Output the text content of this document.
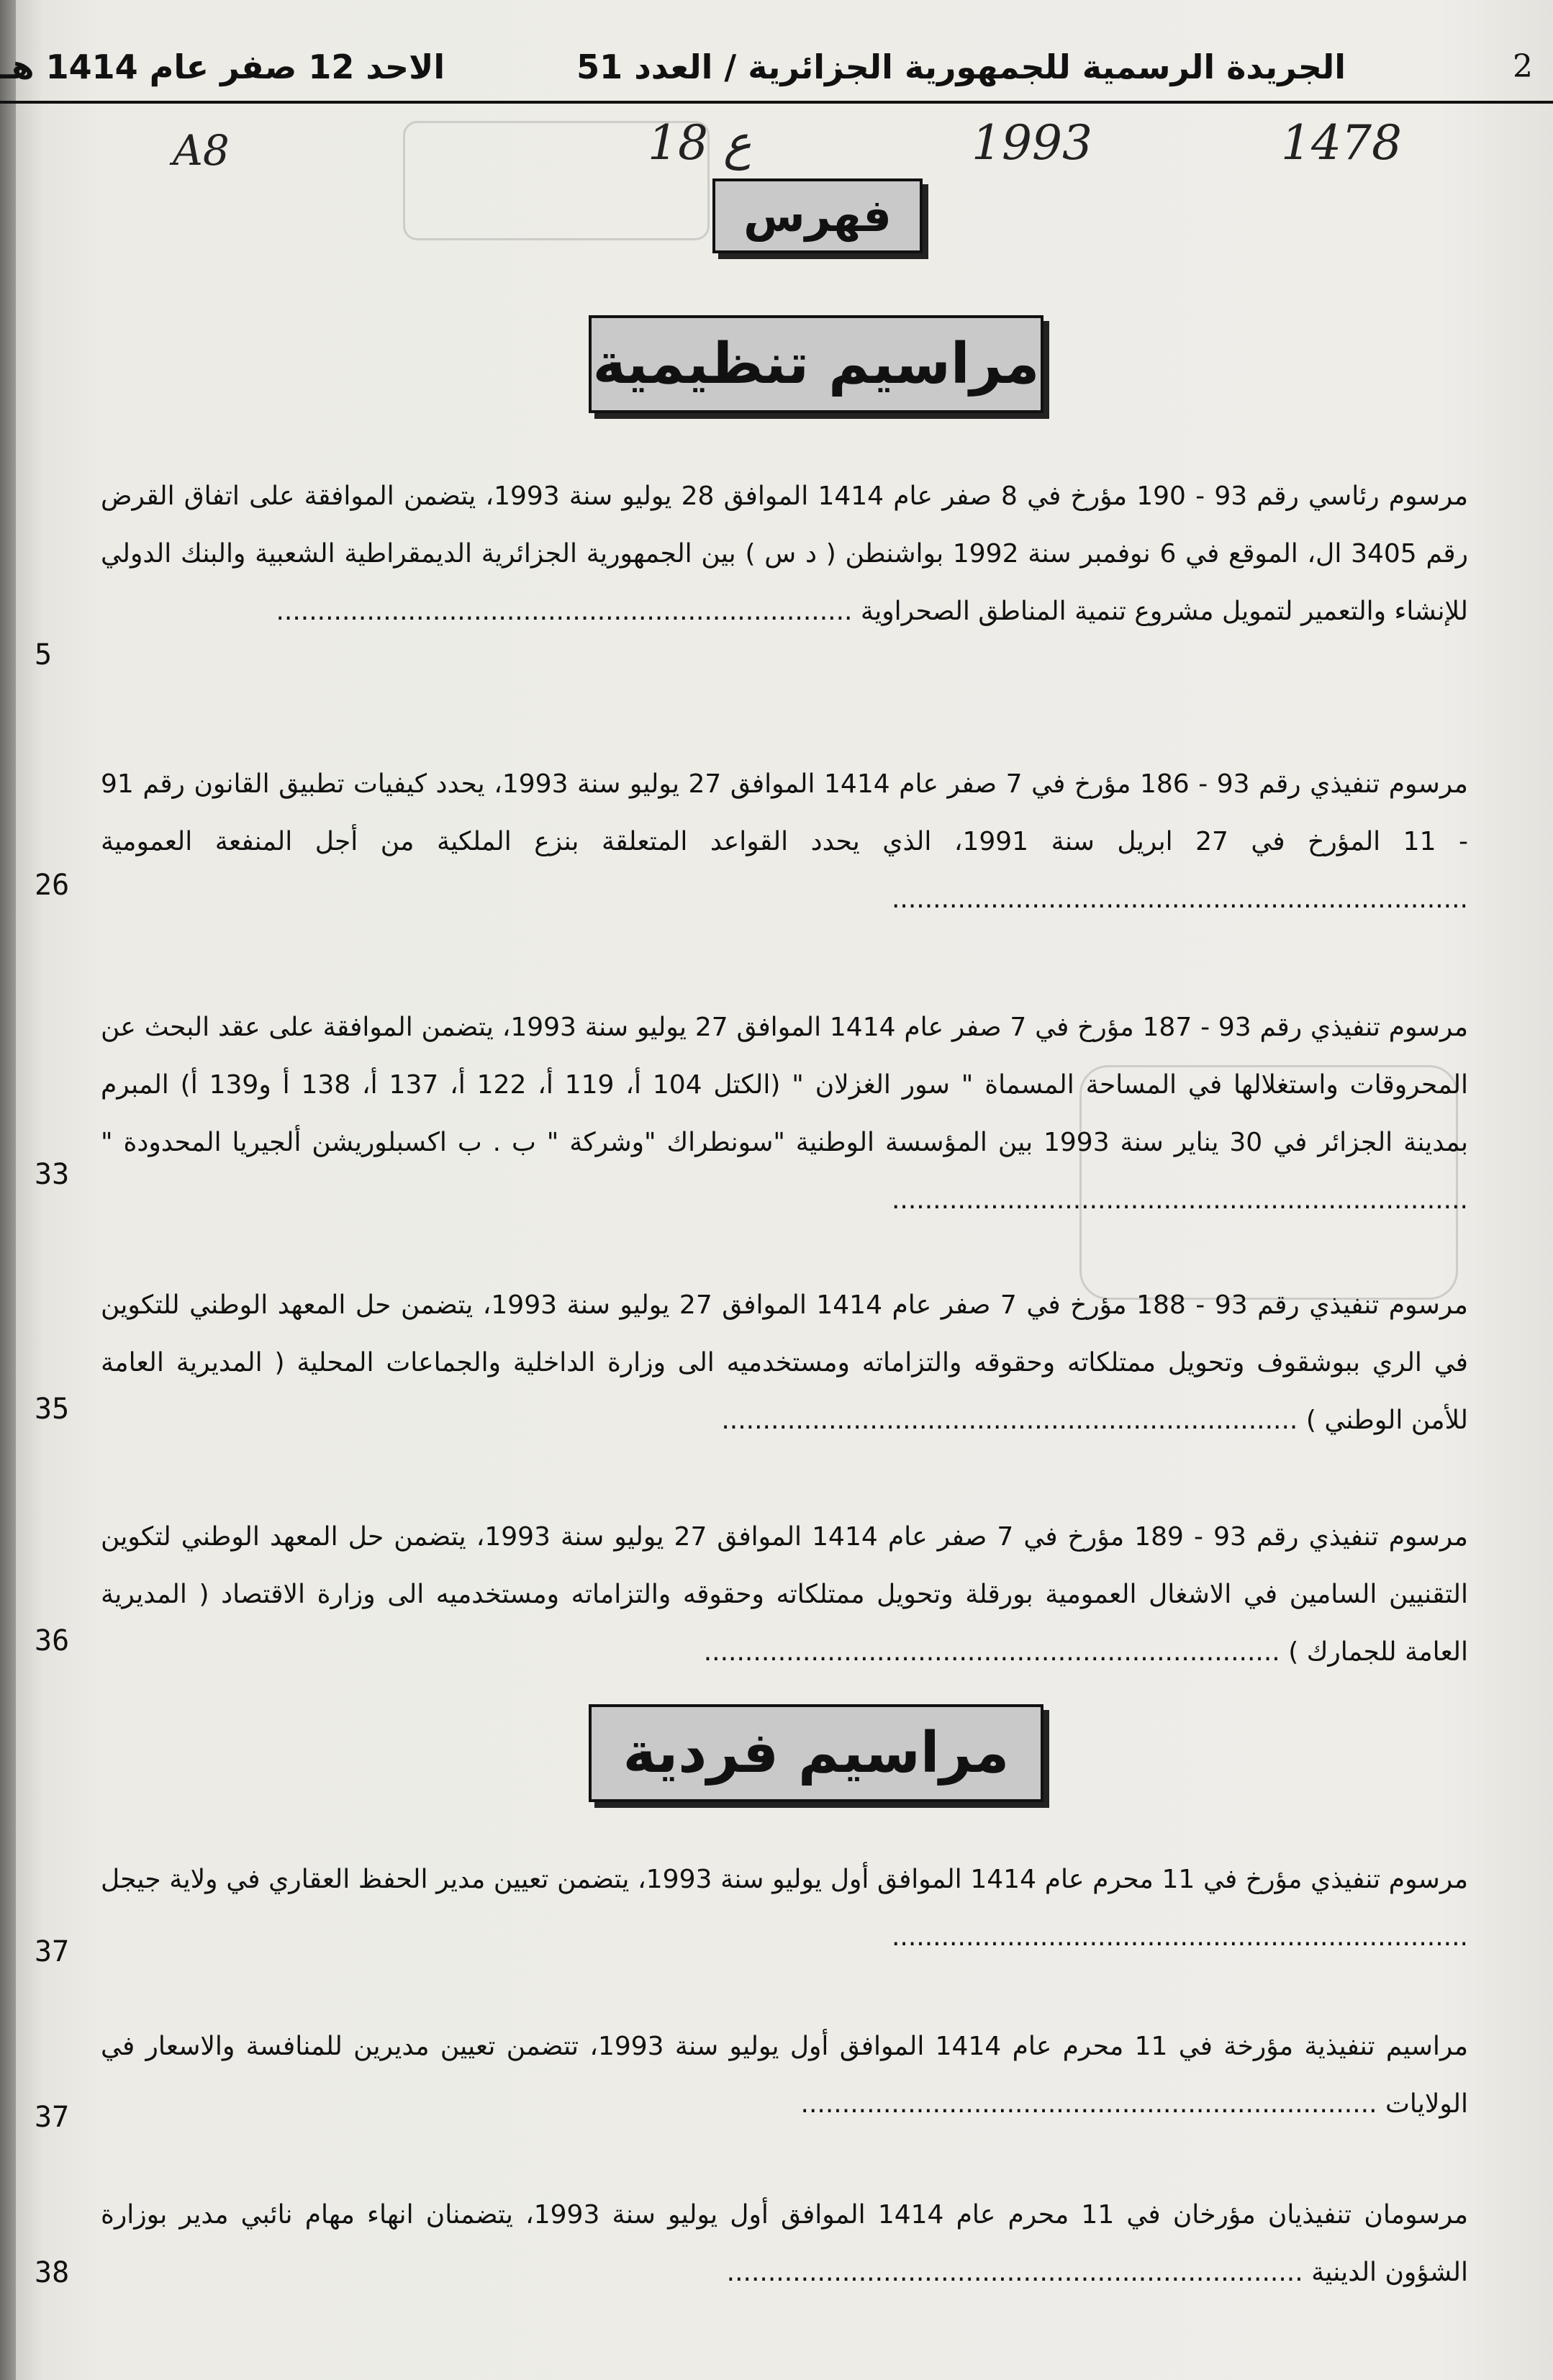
2
الجريدة الرسمية للجمهورية الجزائرية / العدد 51
الاحد 12 صفر عام 1414 هـ
18 ع	1993	1478
A8
فهرس
مراسيم تنظيمية
مرسوم رئاسي رقم 93 - 190 مؤرخ في 8 صفر عام 1414 الموافق 28 يوليو سنة 1993، يتضمن الموافقة على اتفاق القرض رقم 3405 ال، الموقع في 6 نوفمبر سنة 1992 بواشنطن ( د س ) بين الجمهورية الجزائرية الديمقراطية الشعبية والبنك الدولي للإنشاء والتعمير لتمويل مشروع تنمية المناطق الصحراوية .....
5
مرسوم تنفيذي رقم 93 - 186 مؤرخ في 7 صفر عام 1414 الموافق 27 يوليو سنة 1993، يحدد كيفيات تطبيق القانون رقم 91 - 11 المؤرخ في 27 ابريل سنة 1991، الذي يحدد القواعد المتعلقة بنزع الملكية من أجل المنفعة العمومية .....
26
مرسوم تنفيذي رقم 93 - 187 مؤرخ في 7 صفر عام 1414 الموافق 27 يوليو سنة 1993، يتضمن الموافقة على عقد البحث عن المحروقات واستغلالها في المساحة المسماة " سور الغزلان " (الكتل 104 أ، 119 أ، 122 أ، 137 أ، 138 أ و139 أ) المبرم بمدينة الجزائر في 30 يناير سنة 1993 بين المؤسسة الوطنية "سونطراك "وشركة " ب . ب اكسبلوريشن ألجيريا المحدودة " .....
33
مرسوم تنفيذي رقم 93 - 188 مؤرخ في 7 صفر عام 1414 الموافق 27 يوليو سنة 1993، يتضمن حل المعهد الوطني للتكوين في الري ببوشقوف وتحويل ممتلكاته وحقوقه والتزاماته ومستخدميه الى وزارة الداخلية والجماعات المحلية ( المديرية العامة للأمن الوطني ) .....
35
مرسوم تنفيذي رقم 93 - 189 مؤرخ في 7 صفر عام 1414 الموافق 27 يوليو سنة 1993، يتضمن حل المعهد الوطني لتكوين التقنيين السامين في الاشغال العمومية بورقلة وتحويل ممتلكاته وحقوقه والتزاماته ومستخدميه الى وزارة الاقتصاد ( المديرية العامة للجمارك ) .....
36
مراسيم فردية
مرسوم تنفيذي مؤرخ في 11 محرم عام 1414 الموافق أول يوليو سنة 1993، يتضمن تعيين مدير الحفظ العقاري في ولاية جيجل .....
37
مراسيم تنفيذية مؤرخة في 11 محرم عام 1414 الموافق أول يوليو سنة 1993، تتضمن تعيين مديرين للمنافسة والاسعار في الولايات .....
37
مرسومان تنفيذيان مؤرخان في 11 محرم عام 1414 الموافق أول يوليو سنة 1993، يتضمنان انهاء مهام نائبي مدير بوزارة الشؤون الدينية .....
38
